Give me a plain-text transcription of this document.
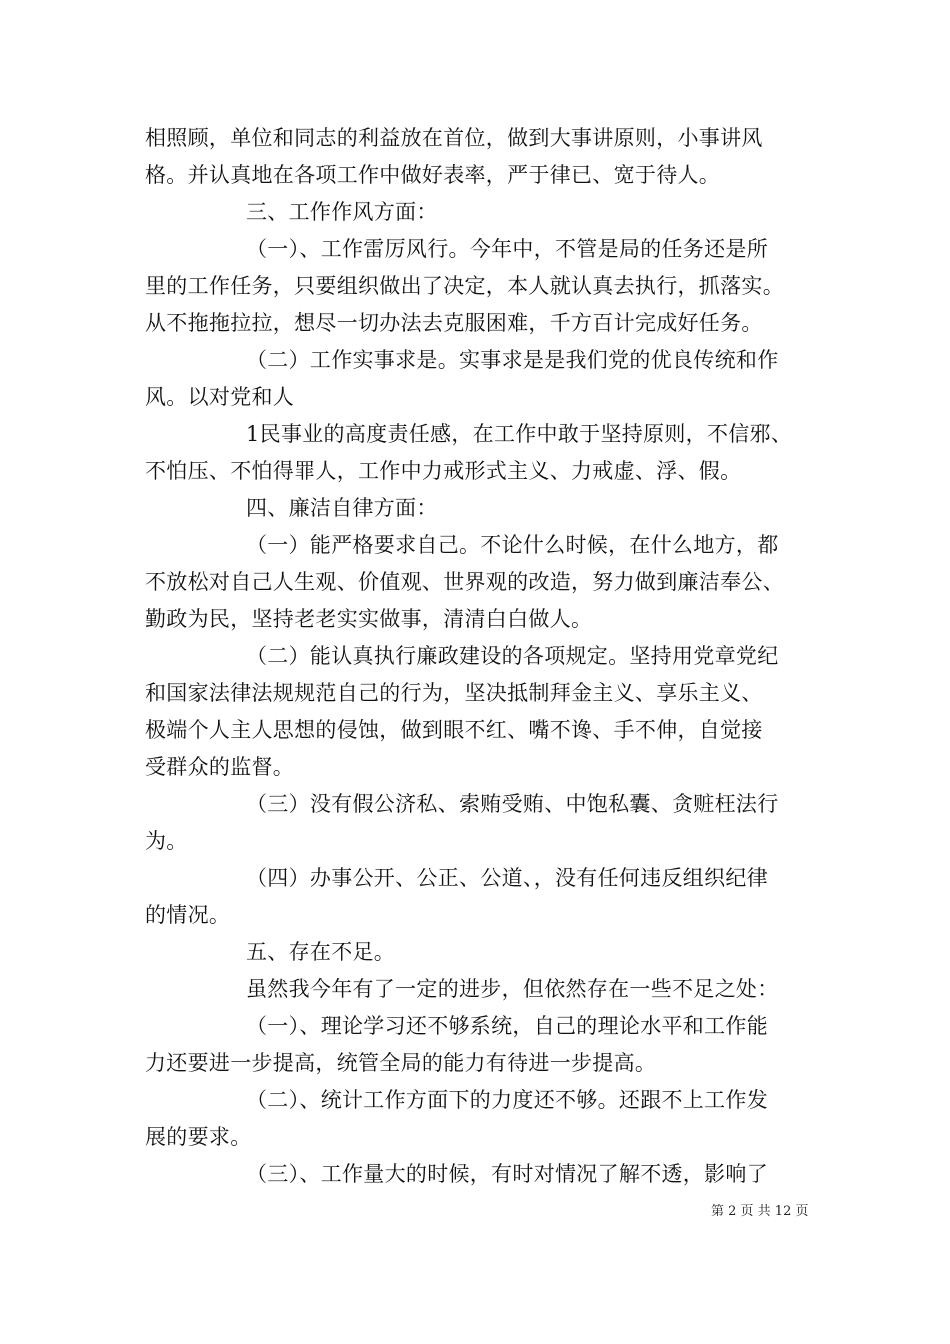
相照顾，单位和同志的利益放在首位，做到大事讲原则，小事讲风
格。并认真地在各项工作中做好表率，严于律已、宽于待人。
三、工作作风方面：
（一）、工作雷厉风行。今年中，不管是局的任务还是所
里的工作任务，只要组织做出了决定，本人就认真去执行，抓落实。
从不拖拖拉拉，想尽一切办法去克服困难，千方百计完成好任务。
（二）工作实事求是。实事求是是我们党的优良传统和作
风。以对党和人
1民事业的高度责任感，在工作中敢于坚持原则，不信邪、
不怕压、不怕得罪人，工作中力戒形式主义、力戒虚、浮、假。
四、廉洁自律方面：
（一）能严格要求自己。不论什么时候，在什么地方，都
不放松对自己人生观、价值观、世界观的改造，努力做到廉洁奉公、
勤政为民，坚持老老实实做事，清清白白做人。
（二）能认真执行廉政建设的各项规定。坚持用党章党纪
和国家法律法规规范自己的行为，坚决抵制拜金主义、享乐主义、
极端个人主人思想的侵蚀，做到眼不红、嘴不谗、手不伸，自觉接
受群众的监督。
（三）没有假公济私、索贿受贿、中饱私囊、贪赃枉法行
为。
（四）办事公开、公正、公道、，没有任何违反组织纪律
的情况。
五、存在不足。
虽然我今年有了一定的进步，但依然存在一些不足之处：
（一）、理论学习还不够系统，自己的理论水平和工作能
力还要进一步提高，统管全局的能力有待进一步提高。
（二）、统计工作方面下的力度还不够。还跟不上工作发
展的要求。
（三）、工作量大的时候，有时对情况了解不透，影响了
第 2 页 共 12 页
